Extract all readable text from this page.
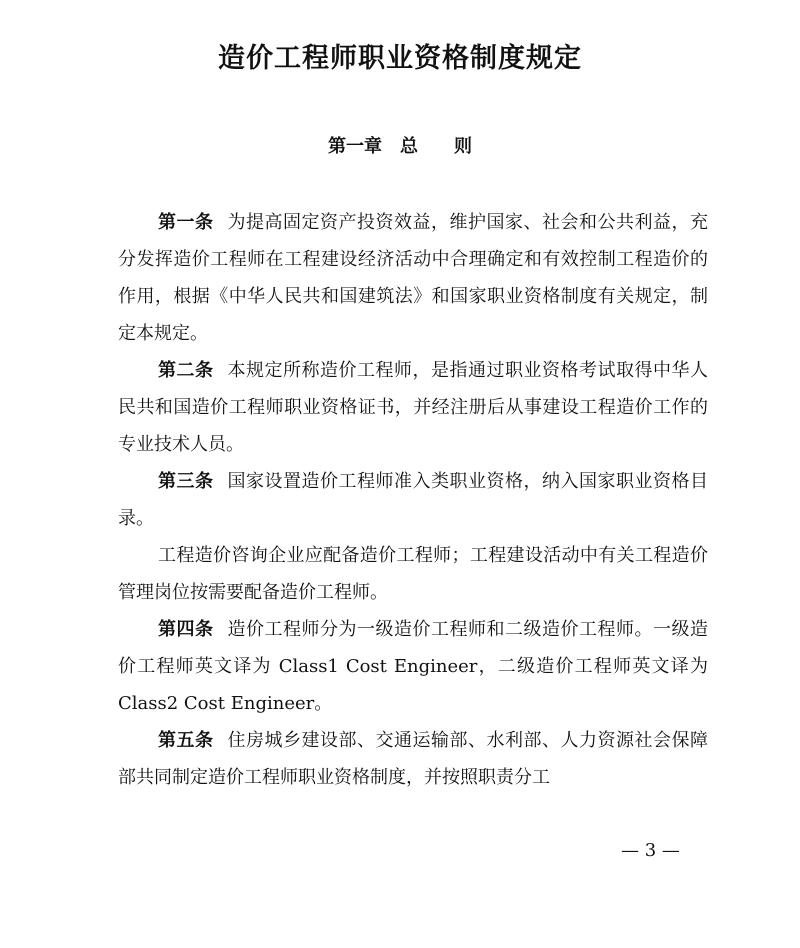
造价工程师职业资格制度规定
第一章　总　　则

第一条 为提高固定资产投资效益，维护国家、社会和公共利益，充分发挥造价工程师在工程建设经济活动中合理确定和有效控制工程造价的作用，根据《中华人民共和国建筑法》和国家职业资格制度有关规定，制定本规定。

第二条 本规定所称造价工程师，是指通过职业资格考试取得中华人民共和国造价工程师职业资格证书，并经注册后从事建设工程造价工作的专业技术人员。

第三条 国家设置造价工程师准入类职业资格，纳入国家职业资格目录。

工程造价咨询企业应配备造价工程师；工程建设活动中有关工程造价管理岗位按需要配备造价工程师。

第四条 造价工程师分为一级造价工程师和二级造价工程师。一级造价工程师英文译为 Class1 Cost Engineer，二级造价工程师英文译为 Class2 Cost Engineer。

第五条 住房城乡建设部、交通运输部、水利部、人力资源社会保障部共同制定造价工程师职业资格制度，并按照职责分工

— 3 —
